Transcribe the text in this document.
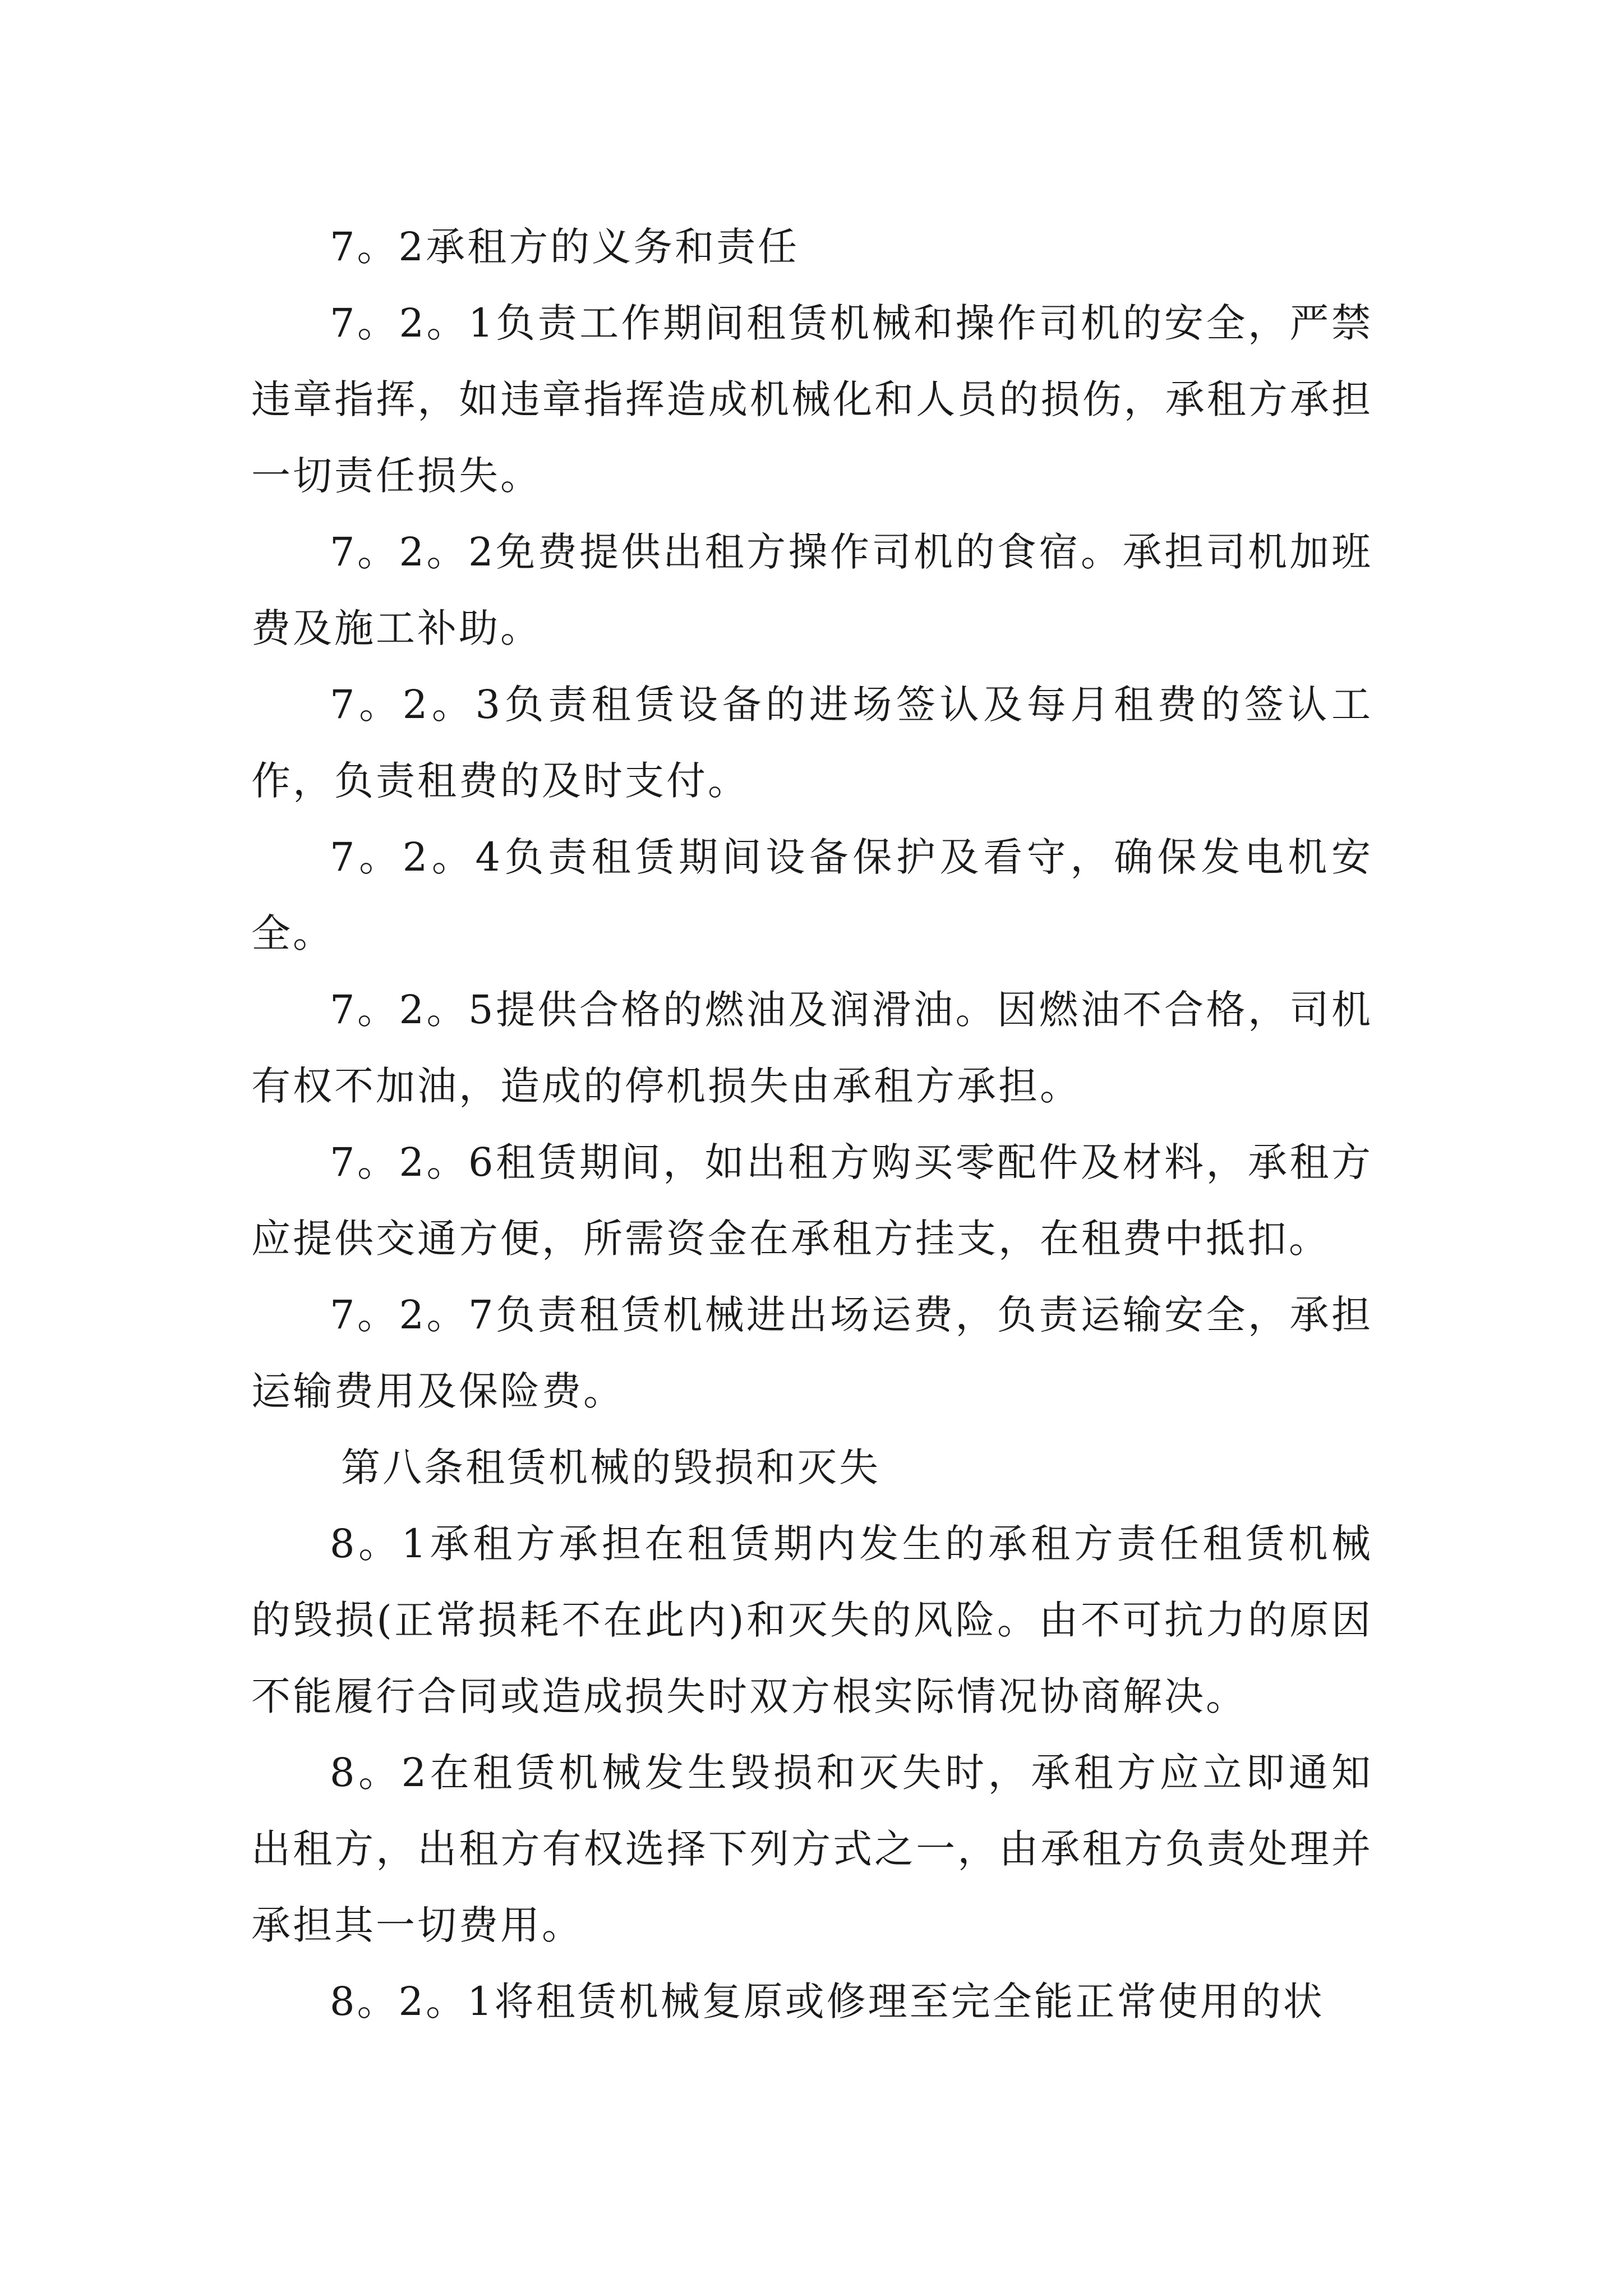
7。2承租方的义务和责任

7。2。1负责工作期间租赁机械和操作司机的安全，严禁违章指挥，如违章指挥造成机械化和人员的损伤，承租方承担一切责任损失。

7。2。2免费提供出租方操作司机的食宿。承担司机加班费及施工补助。

7。2。3负责租赁设备的进场签认及每月租费的签认工作，负责租费的及时支付。

7。2。4负责租赁期间设备保护及看守，确保发电机安全。

7。2。5提供合格的燃油及润滑油。因燃油不合格，司机有权不加油，造成的停机损失由承租方承担。

7。2。6租赁期间，如出租方购买零配件及材料，承租方应提供交通方便，所需资金在承租方挂支，在租费中抵扣。

7。2。7负责租赁机械进出场运费，负责运输安全，承担运输费用及保险费。

第八条租赁机械的毁损和灭失

8。1承租方承担在租赁期内发生的承租方责任租赁机械的毁损(正常损耗不在此内)和灭失的风险。由不可抗力的原因不能履行合同或造成损失时双方根实际情况协商解决。

8。2在租赁机械发生毁损和灭失时，承租方应立即通知出租方，出租方有权选择下列方式之一，由承租方负责处理并承担其一切费用。

8。2。1将租赁机械复原或修理至完全能正常使用的状
